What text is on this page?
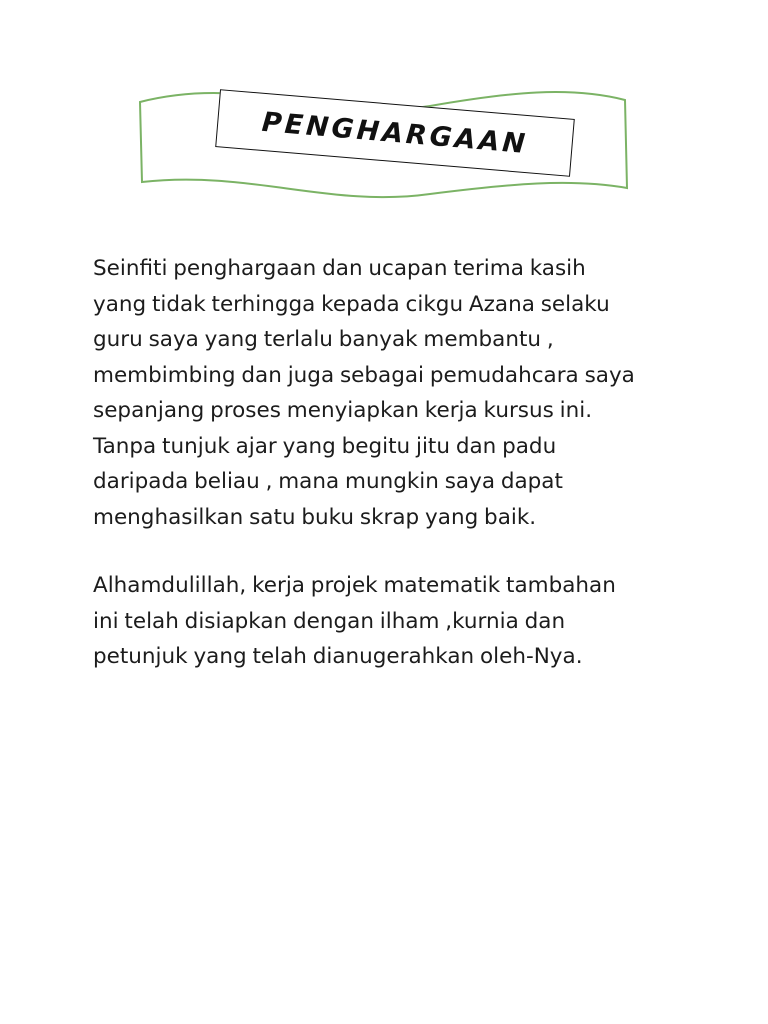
PENGHARGAAN

Seinfiti penghargaan dan ucapan terima kasih
yang tidak terhingga kepada cikgu Azana selaku
guru saya yang terlalu banyak membantu ,
membimbing dan juga sebagai pemudahcara saya
sepanjang proses menyiapkan kerja kursus ini.
Tanpa tunjuk ajar yang begitu jitu dan padu
daripada beliau , mana mungkin saya dapat
menghasilkan satu buku skrap yang baik.

Alhamdulillah, kerja projek matematik tambahan
ini telah disiapkan dengan ilham ,kurnia dan
petunjuk yang telah dianugerahkan oleh-Nya.
